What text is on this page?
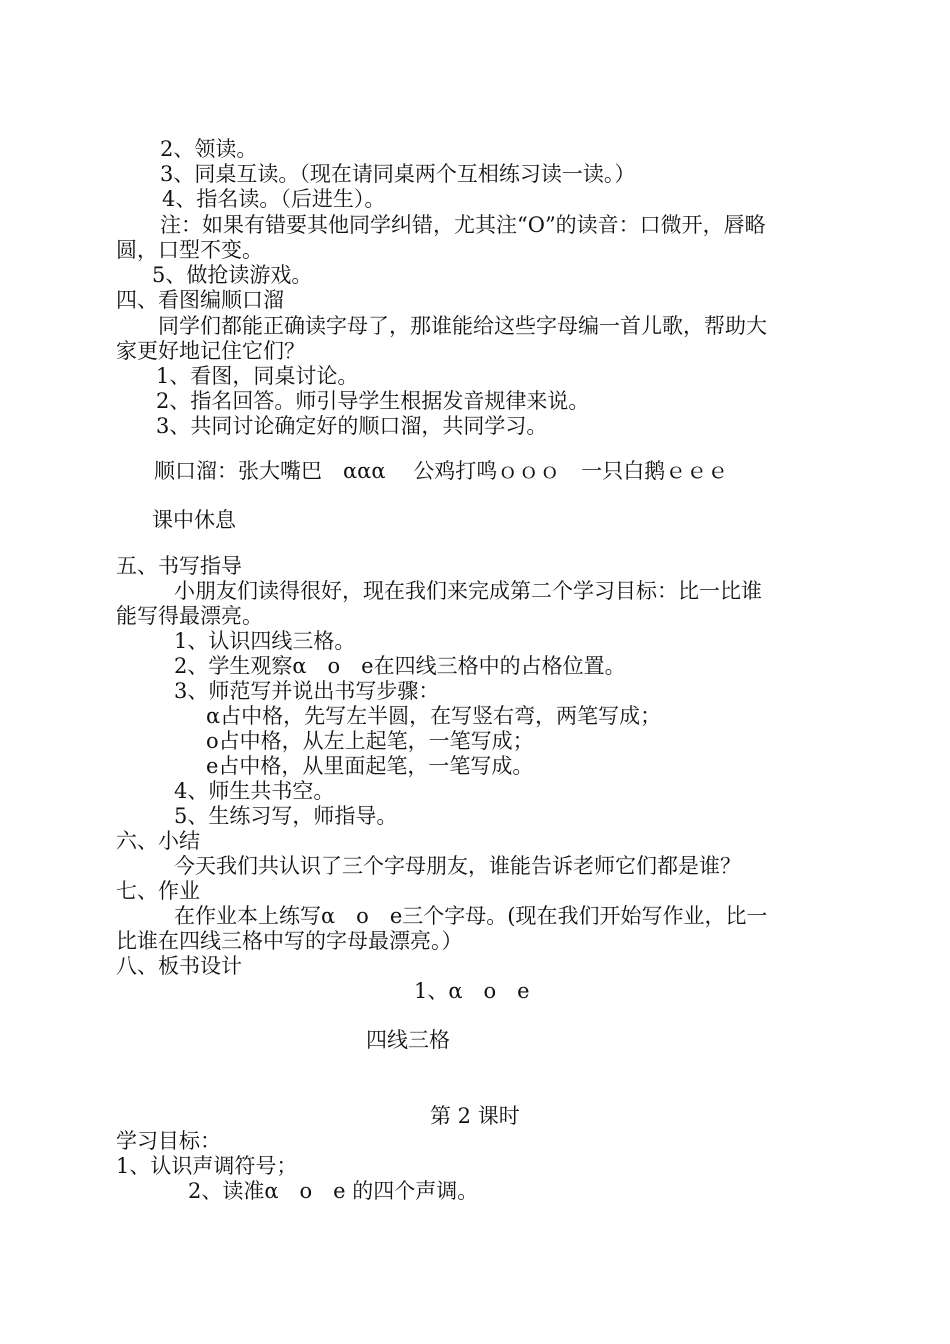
2、领读。
3、同桌互读。（现在请同桌两个互相练习读一读。）
4、指名读。（后进生）。
注：如果有错要其他同学纠错，尤其注“O”的读音：口微开，唇略
圆，口型不变。
5、做抢读游戏。
四、看图编顺口溜
同学们都能正确读字母了，那谁能给这些字母编一首儿歌，帮助大
家更好地记住它们？
1、看图，同桌讨论。
2、指名回答。师引导学生根据发音规律来说。
3、共同讨论确定好的顺口溜，共同学习。
顺口溜：张大嘴巴　ααα　 公鸡打鸣ｏｏｏ　一只白鹅ｅｅｅ
课中休息
五、书写指导
小朋友们读得很好，现在我们来完成第二个学习目标：比一比谁
能写得最漂亮。
1、认识四线三格。
2、学生观察α　o　e在四线三格中的占格位置。
3、师范写并说出书写步骤：
α占中格，先写左半圆，在写竖右弯，两笔写成；
o占中格，从左上起笔，一笔写成；
e占中格，从里面起笔，一笔写成。
4、师生共书空。
5、生练习写，师指导。
六、小结
今天我们共认识了三个字母朋友，谁能告诉老师它们都是谁？
七、作业
在作业本上练写α　o　e三个字母。(现在我们开始写作业，比一
比谁在四线三格中写的字母最漂亮。）
八、板书设计
1、α　o　e
四线三格
第 2 课时
学习目标：
1、认识声调符号；
2、读准α　o　e 的四个声调。
